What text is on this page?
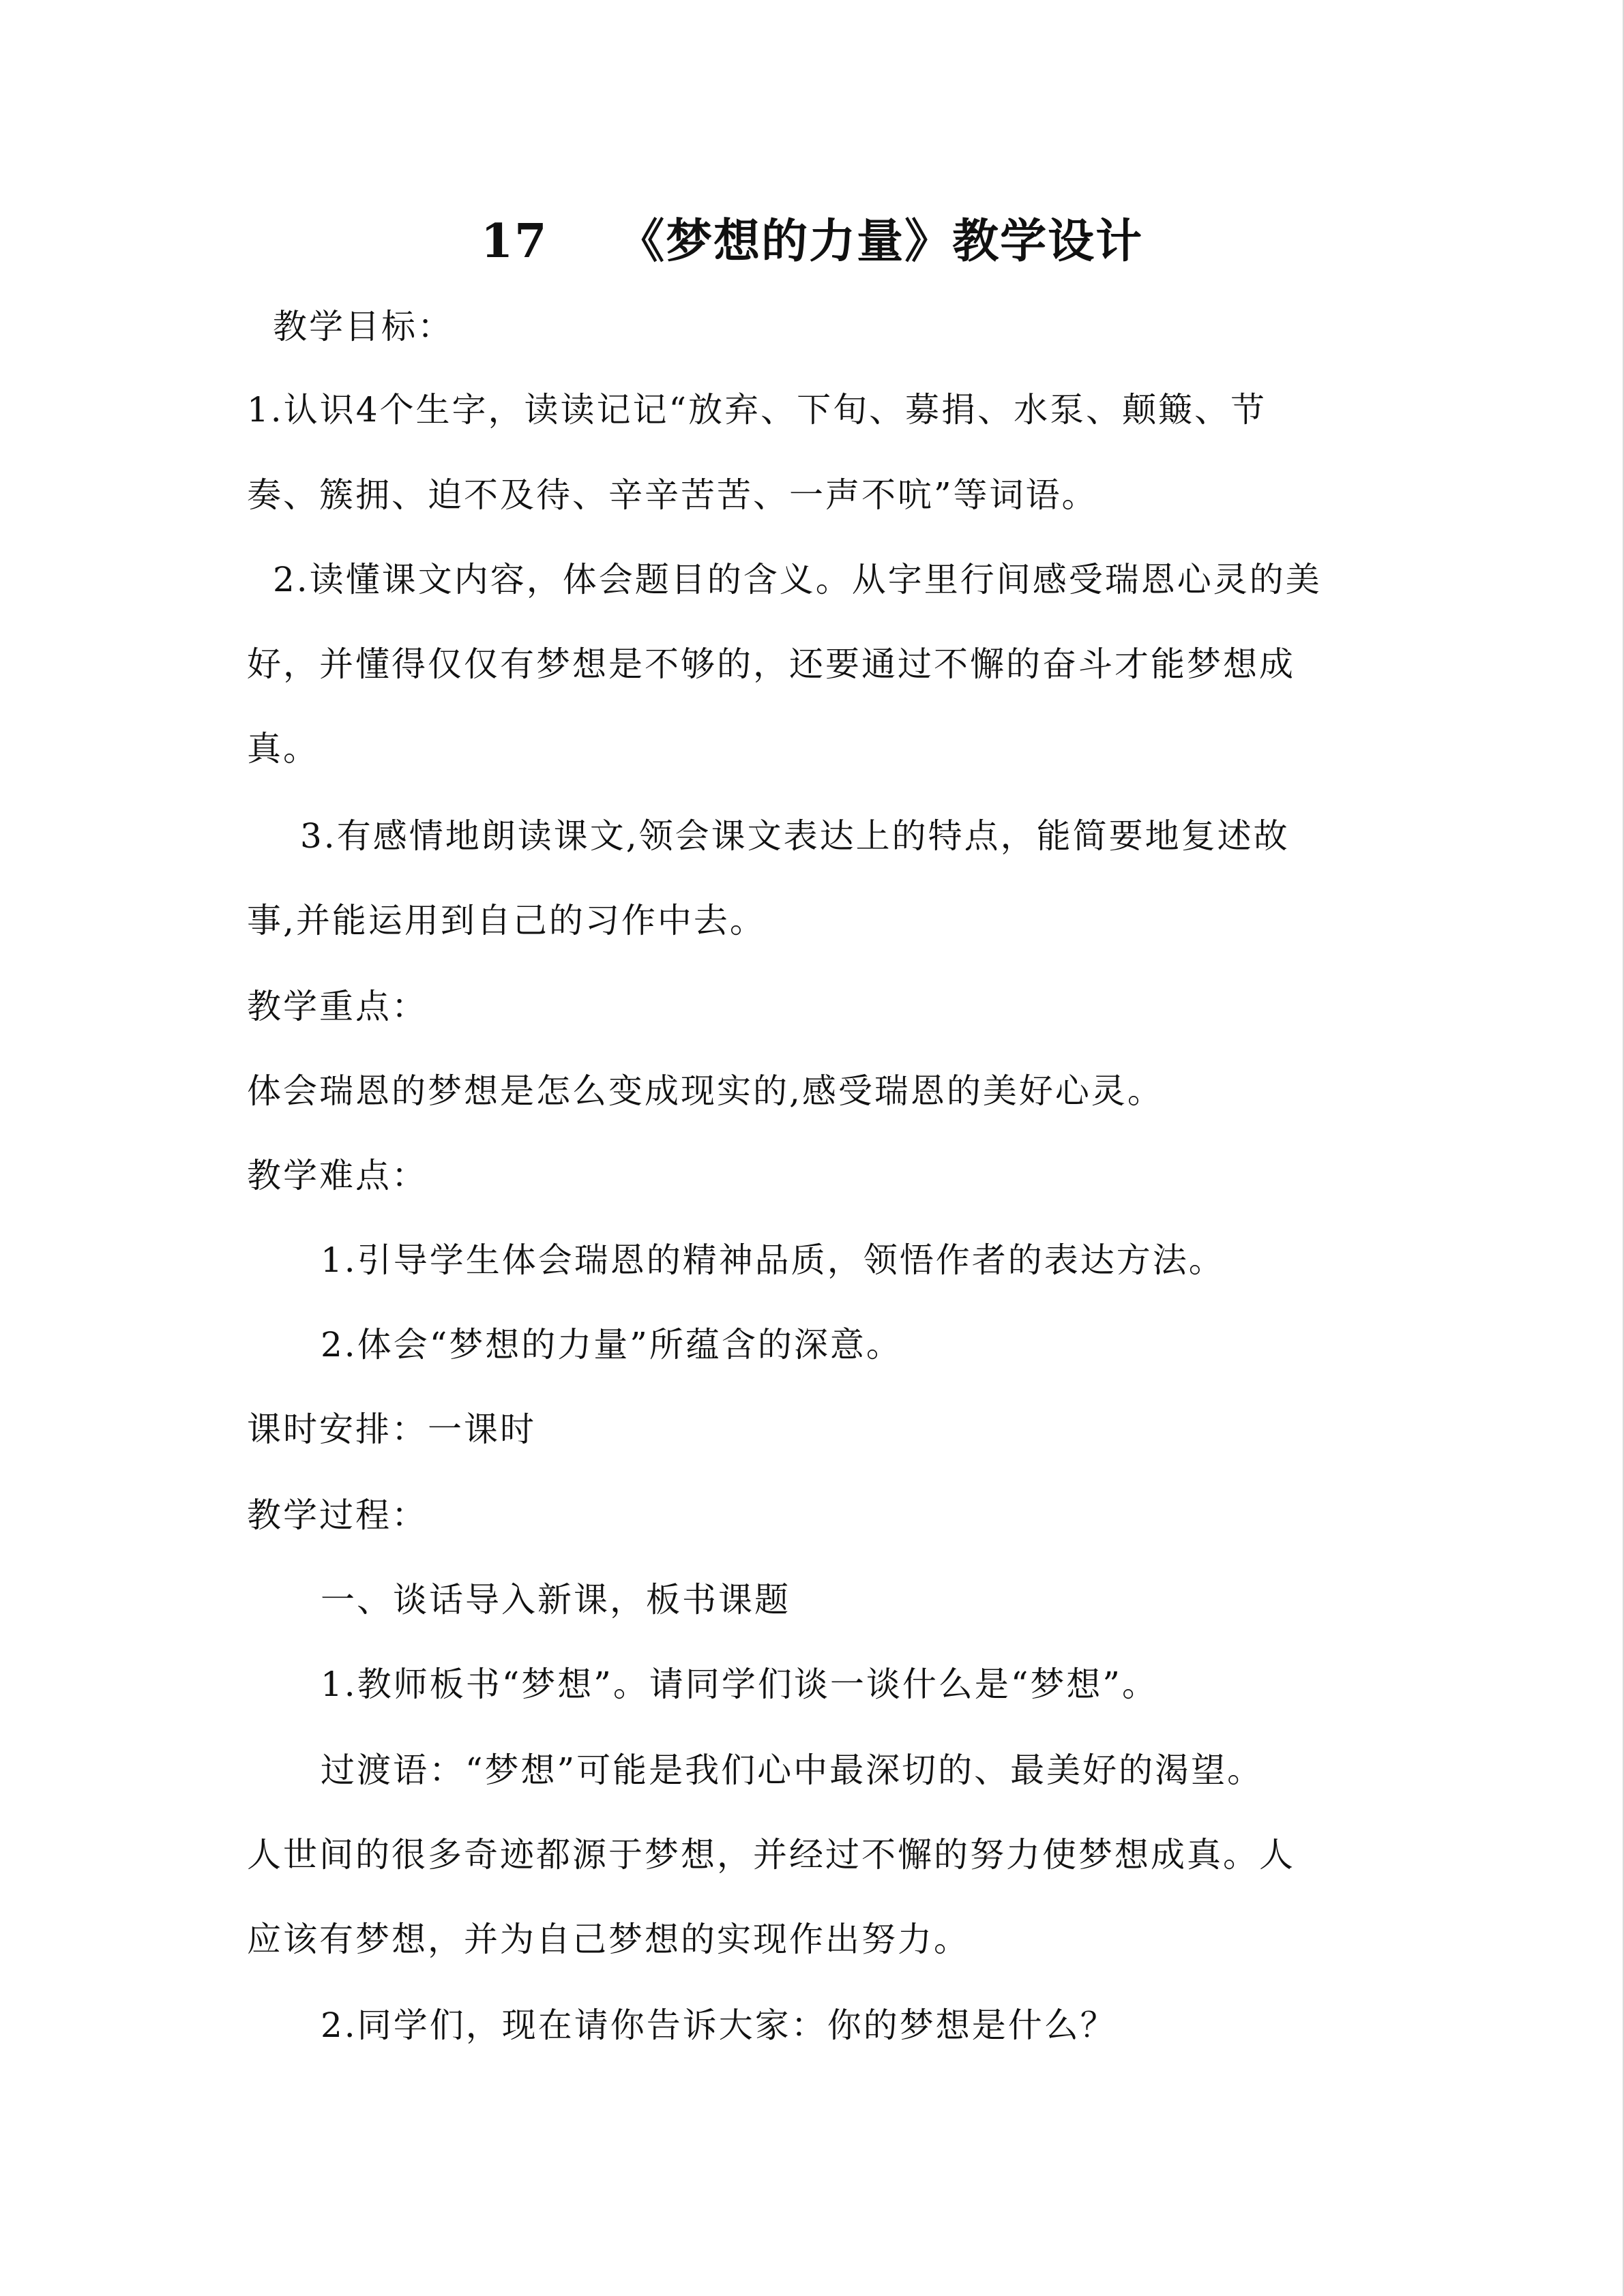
17    《梦想的力量》教学设计
教学目标：
1.认识4个生字，读读记记“放弃、下旬、募捐、水泵、颠簸、节
奏、簇拥、迫不及待、辛辛苦苦、一声不吭”等词语。
2.读懂课文内容，体会题目的含义。从字里行间感受瑞恩心灵的美
好，并懂得仅仅有梦想是不够的，还要通过不懈的奋斗才能梦想成
真。
3.有感情地朗读课文,领会课文表达上的特点，能简要地复述故
事,并能运用到自己的习作中去。
教学重点：
体会瑞恩的梦想是怎么变成现实的,感受瑞恩的美好心灵。
教学难点：
1.引导学生体会瑞恩的精神品质，领悟作者的表达方法。
2.体会“梦想的力量”所蕴含的深意。
课时安排：一课时
教学过程：
一、谈话导入新课，板书课题
1.教师板书“梦想”。请同学们谈一谈什么是“梦想”。
过渡语：“梦想”可能是我们心中最深切的、最美好的渴望。
人世间的很多奇迹都源于梦想，并经过不懈的努力使梦想成真。人
应该有梦想，并为自己梦想的实现作出努力。
2.同学们，现在请你告诉大家：你的梦想是什么？
